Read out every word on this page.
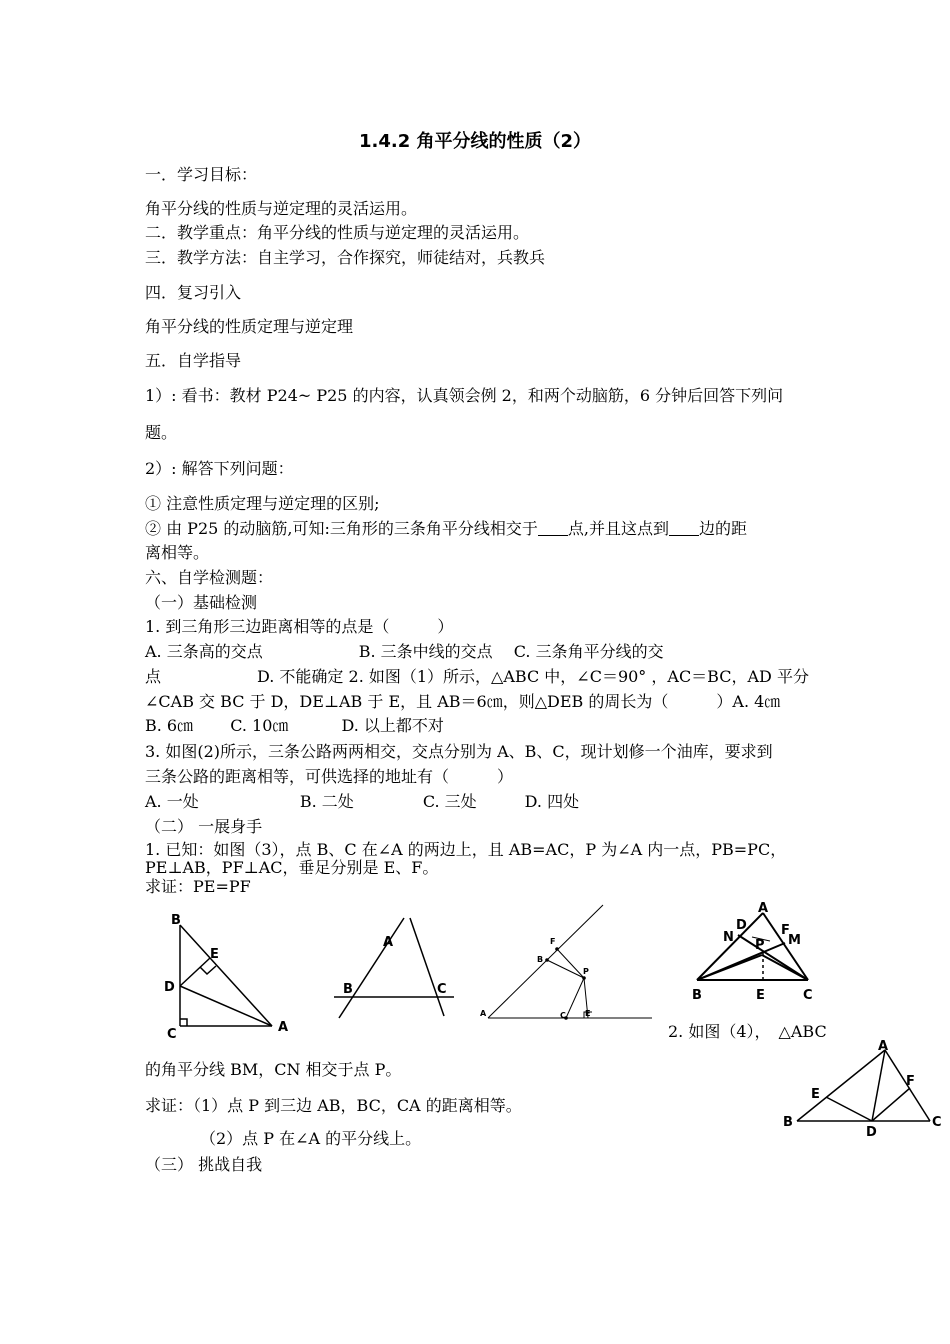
1.4.2 角平分线的性质（2）
一．学习目标：
角平分线的性质与逆定理的灵活运用。
二．教学重点：角平分线的性质与逆定理的灵活运用。
三．教学方法：自主学习，合作探究，师徒结对，兵教兵
四．复习引入
角平分线的性质定理与逆定理
五．自学指导
1）: 看书：教材 P24~ P25 的内容，认真领会例 2，和两个动脑筋，6 分钟后回答下列问
题。
2）: 解答下列问题：
① 注意性质定理与逆定理的区别;
② 由 P25 的动脑筋,可知:三角形的三条角平分线相交于 点,并且这点到 边的距
离相等。
六、自学检测题：
（一）基础检测
1. 到三角形三边距离相等的点是（　　　）
A. 三条高的交点　　　　　　B. 三条中线的交点　 C. 三条角平分线的交
点　　　　　　D. 不能确定 2. 如图（1）所示，△ABC 中，∠C＝90° ，AC＝BC，AD 平分
∠CAB 交 BC 于 D，DE⊥AB 于 E，且 AB＝6㎝，则△DEB 的周长为（　　　）A. 4㎝
B. 6㎝　　 C. 10㎝　　　 D. 以上都不对
3. 如图(2)所示，三条公路两两相交，交点分别为 A、B、C，现计划修一个油库，要求到
三条公路的距离相等，可供选择的地址有（　　　）
A. 一处　　　　　　 B. 二处　　　　 C. 三处　　　D. 四处
（二） 一展身手
1. 已知：如图（3），点 B、C 在∠A 的两边上，且 AB=AC，P 为∠A 内一点，PB=PC，
PE⊥AB，PF⊥AC，垂足分别是 E、F。
求证：PE=PF
2. 如图（4），　△ABC
的角平分线 BM，CN 相交于点 P。
求证：（1）点 P 到三边 AB，BC，CA 的距离相等。
（2）点 P 在∠A 的平分线上。
（三） 挑战自我
B
E
D
C	A
A
B	C
F
B
P
A	C E
A
D
N	F
M
P
B	E	C
A
E
F
B
D
C
